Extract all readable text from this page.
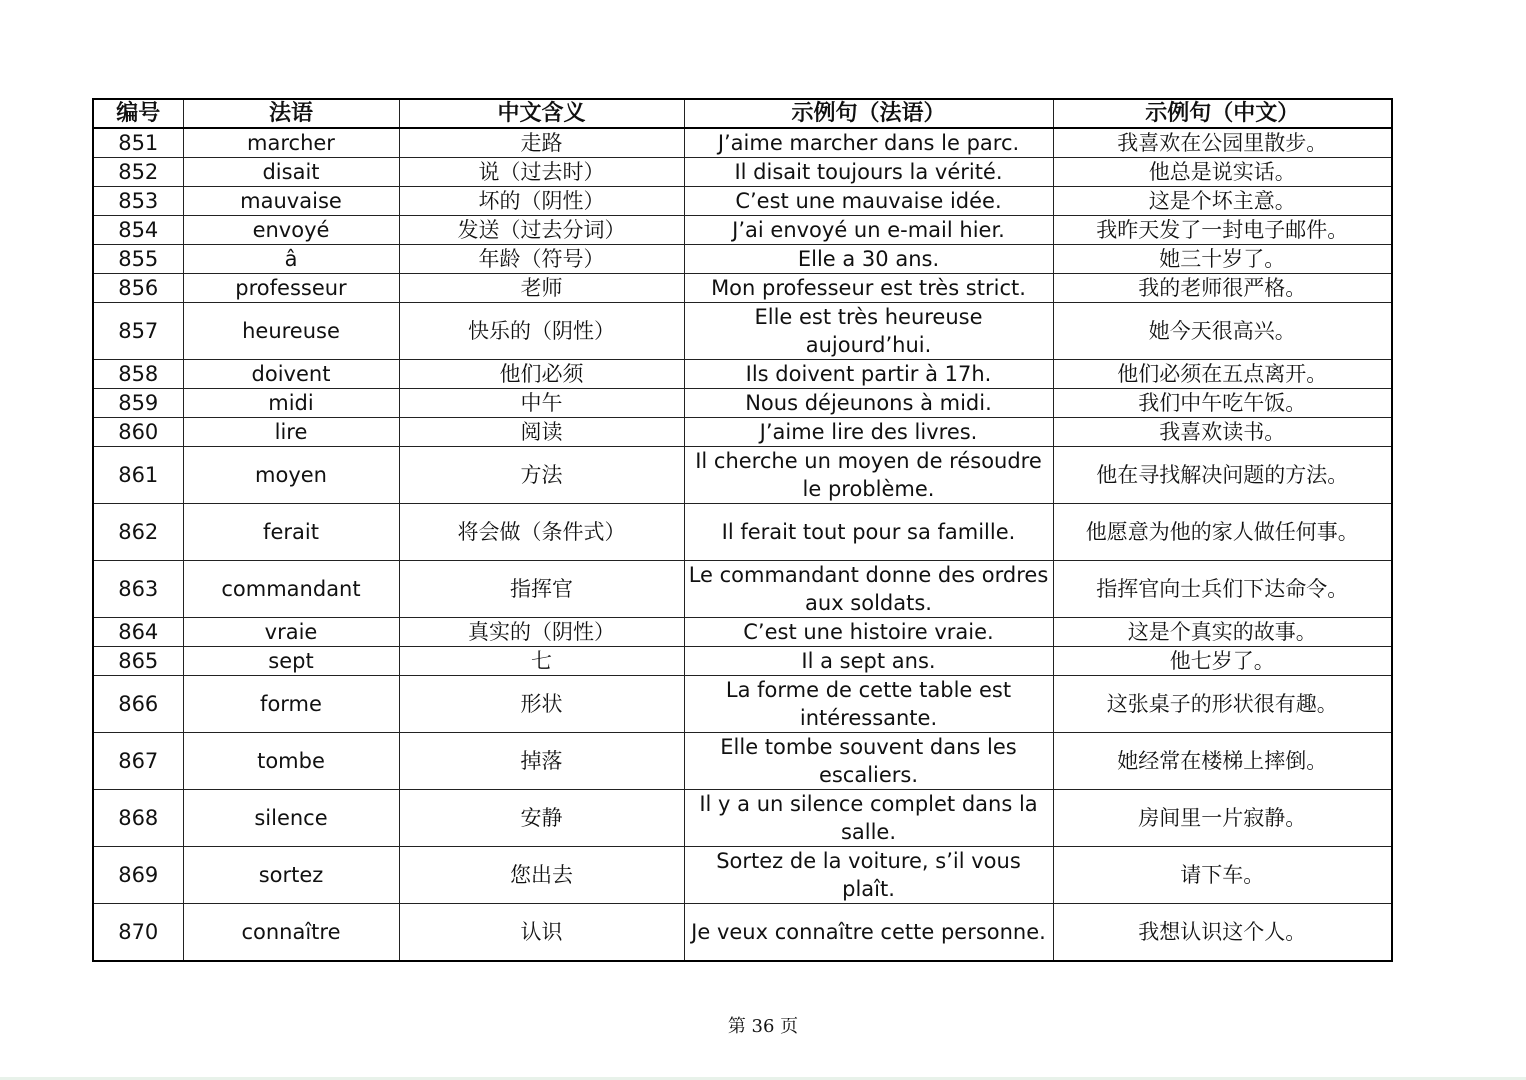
编号	法语	中文含义	示例句（法语）	示例句（中文）
851	marcher	走路	J’aime marcher dans le parc.	我喜欢在公园里散步。
852	disait	说（过去时）	Il disait toujours la vérité.	他总是说实话。
853	mauvaise	坏的（阴性）	C’est une mauvaise idée.	这是个坏主意。
854	envoyé	发送（过去分词）	J’ai envoyé un e-mail hier.	我昨天发了一封电子邮件。
855	â	年龄（符号）	Elle a 30 ans.	她三十岁了。
856	professeur	老师	Mon professeur est très strict.	我的老师很严格。
857	heureuse	快乐的（阴性）	Elle est très heureuse aujourd’hui.	她今天很高兴。
858	doivent	他们必须	Ils doivent partir à 17h.	他们必须在五点离开。
859	midi	中午	Nous déjeunons à midi.	我们中午吃午饭。
860	lire	阅读	J’aime lire des livres.	我喜欢读书。
861	moyen	方法	Il cherche un moyen de résoudre le problème.	他在寻找解决问题的方法。
862	ferait	将会做（条件式）	Il ferait tout pour sa famille.	他愿意为他的家人做任何事。
863	commandant	指挥官	Le commandant donne des ordres aux soldats.	指挥官向士兵们下达命令。
864	vraie	真实的（阴性）	C’est une histoire vraie.	这是个真实的故事。
865	sept	七	Il a sept ans.	他七岁了。
866	forme	形状	La forme de cette table est intéressante.	这张桌子的形状很有趣。
867	tombe	掉落	Elle tombe souvent dans les escaliers.	她经常在楼梯上摔倒。
868	silence	安静	Il y a un silence complet dans la salle.	房间里一片寂静。
869	sortez	您出去	Sortez de la voiture, s’il vous plaît.	请下车。
870	connaître	认识	Je veux connaître cette personne.	我想认识这个人。
第 36 页
